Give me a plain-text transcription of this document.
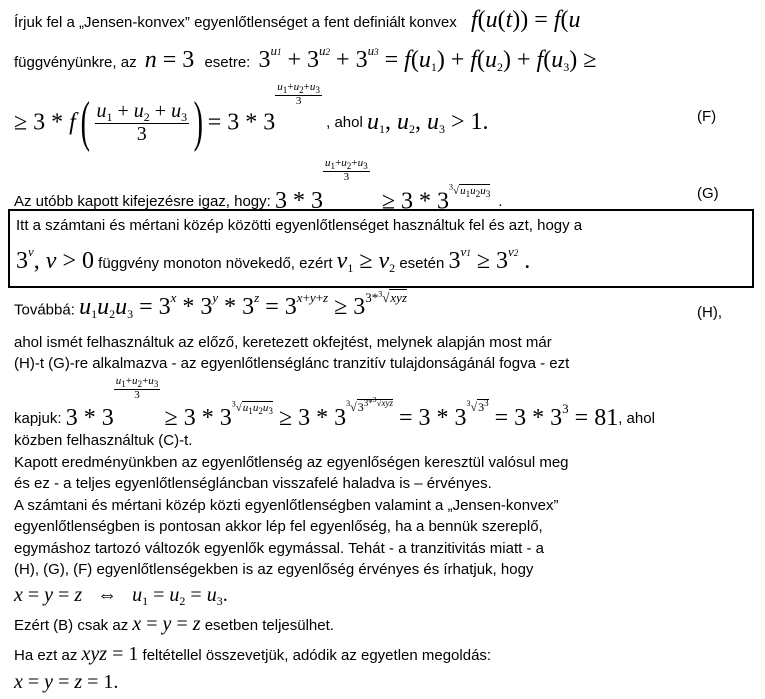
Írjuk fel a „Jensen-konvex” egyenlőtlenséget a fent definiált konvex f(u(t)) = f(u
függvényünkre, az n = 3 esetre: $3^{u1} + 3^{u2} + 3^{u3} = f(u_1) + f(u_2) + f(u_3)$ ≥
≥ $3 * f( \frac{u_1 + u_2 + u_3}{3}$ ) = 3 * 3
$\frac{u_1+u_2+u_3}{3}$
, ahol $u_1$, $u_2$, $u_3 > 1$.	(F)
Az utóbb kapott kifejezésre igaz, hogy: 3 * 3
$\frac{u_1+u_2+u_3}{3}$
≥ $3 * 3^{^3√u_1u_2u_3}$ .
(G)
Itt a számtani és mértani közép közötti egyenlőtlenséget használtuk fel és azt, hogy a
3$^v$, v > 0 függvény monoton növekedő, ezért $v_1 \ge v_2$ esetén $3^{v1} \ge 3^{v2}$ .
Továbbá: $u_1u_2u_3 = 3^x * 3^y * 3^z = 3^{x+y+z} \ge 3^{3*^3√xyz}$
(H),
ahol ismét felhasználtuk az előző, keretezett okfejtést, melynek alapján most már
(H)-t (G)-re alkalmazva - az egyenlőtlenséglánc tranzitív tulajdonságánál fogva - ezt
kapjuk: 3 * 3
$\frac{u_1+u_2+u_3}{3}$
≥ $3 * 3^{^3√u_1u_2u_3} \ge 3 * 3^{^3√3^{3*^3√xyz}} = 3 * 3^{^3√3^3} = 3 * 3^3 = 81$, ahol
közben felhasználtuk (C)-t.
Kapott eredményünkben az egyenlőtlenség az egyenlőségen keresztül valósul meg
és ez - a teljes egyenlőtlenségláncban visszafelé haladva is – érvényes.
A számtani és mértani közép közti egyenlőtlenségben valamint a „Jensen-konvex”
egyenlőtlenségben is pontosan akkor lép fel egyenlőség, ha a bennük szereplő,
egymáshoz tartozó változók egyenlők egymással. Tehát - a tranzitivitás miatt - a
(H), (G), (F) egyenlőtlenségekben is az egyenlőség érvényes és írhatjuk, hogy
x = y = z   ⇔   $u_1 = u_2 = u_3$.
Ezért (B) csak az x = y = z esetben teljesülhet.
Ha ezt az xyz = 1 feltétellel összevetjük, adódik az egyetlen megoldás:
x = y = z = 1.
